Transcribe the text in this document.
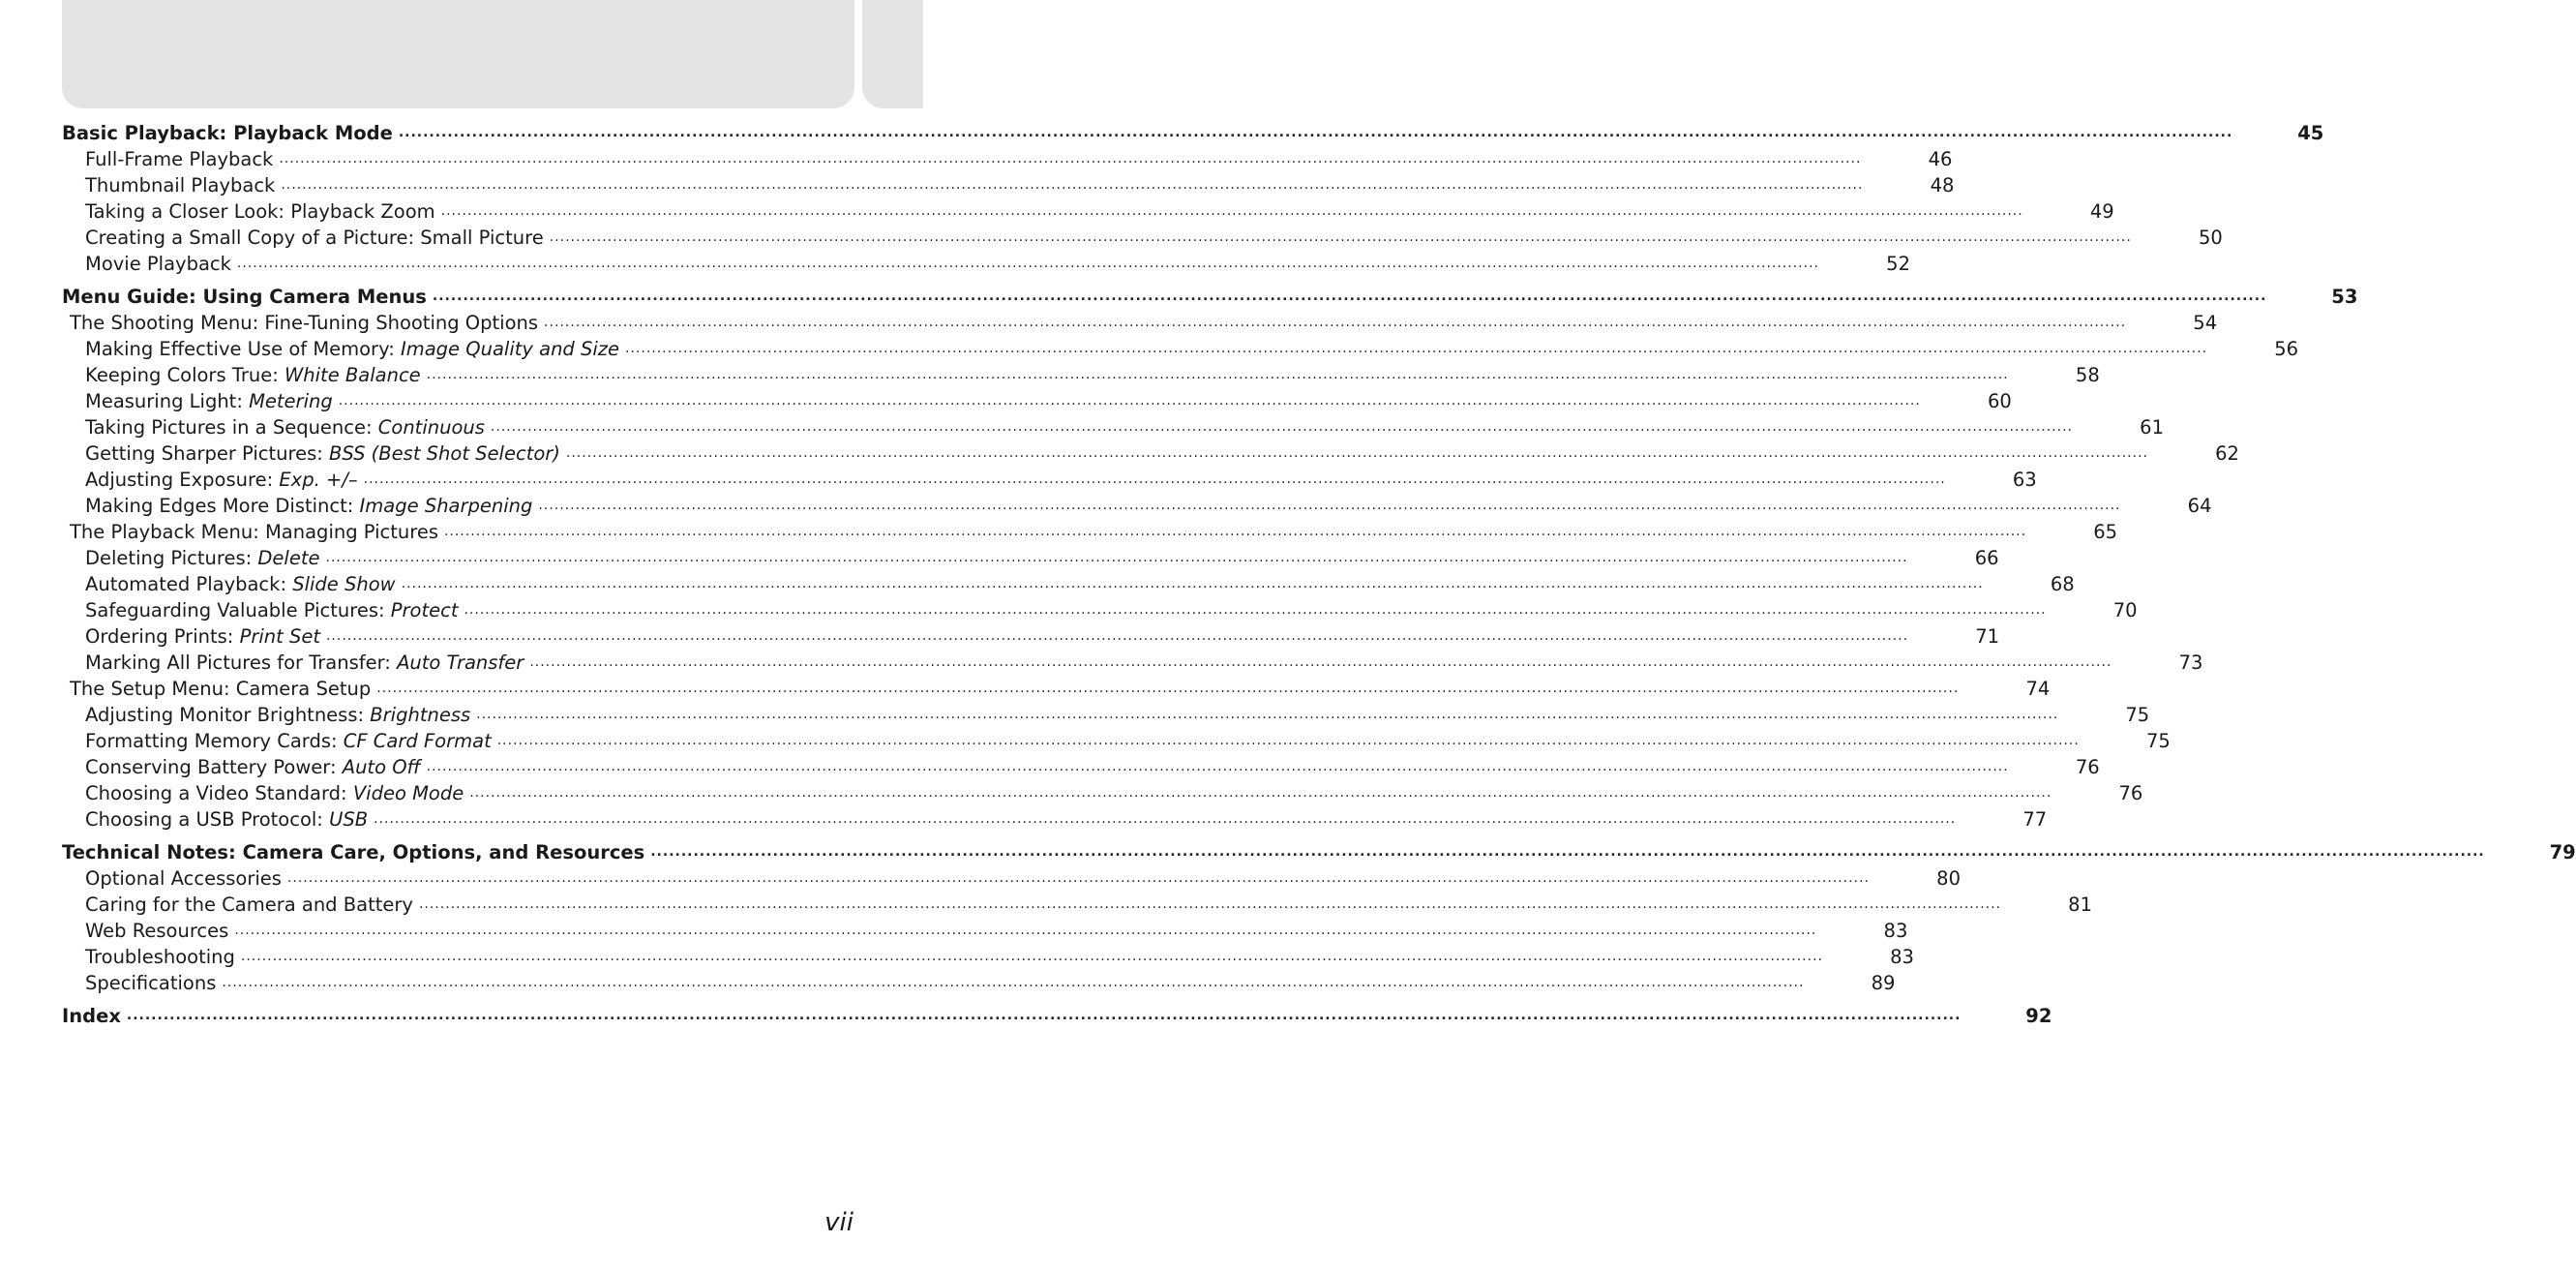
Basic Playback: Playback Mode ............................................................................................................................................................................................................................................................................................................	45
Full-Frame Playback ............................................................................................................................................................................................................................................................................................................	46
Thumbnail Playback ............................................................................................................................................................................................................................................................................................................	48
Taking a Closer Look: Playback Zoom ............................................................................................................................................................................................................................................................................................................	49
Creating a Small Copy of a Picture: Small Picture ............................................................................................................................................................................................................................................................................................................	50
Movie Playback ............................................................................................................................................................................................................................................................................................................	52
Menu Guide: Using Camera Menus ............................................................................................................................................................................................................................................................................................................	53
The Shooting Menu: Fine-Tuning Shooting Options ............................................................................................................................................................................................................................................................................................................	54
Making Effective Use of Memory: Image Quality and Size ............................................................................................................................................................................................................................................................................................................	56
Keeping Colors True: White Balance ............................................................................................................................................................................................................................................................................................................	58
Measuring Light: Metering ............................................................................................................................................................................................................................................................................................................	60
Taking Pictures in a Sequence: Continuous ............................................................................................................................................................................................................................................................................................................	61
Getting Sharper Pictures: BSS (Best Shot Selector) ............................................................................................................................................................................................................................................................................................................	62
Adjusting Exposure: Exp. +/– ............................................................................................................................................................................................................................................................................................................	63
Making Edges More Distinct: Image Sharpening ............................................................................................................................................................................................................................................................................................................	64
The Playback Menu: Managing Pictures ............................................................................................................................................................................................................................................................................................................	65
Deleting Pictures: Delete ............................................................................................................................................................................................................................................................................................................	66
Automated Playback: Slide Show ............................................................................................................................................................................................................................................................................................................	68
Safeguarding Valuable Pictures: Protect ............................................................................................................................................................................................................................................................................................................	70
Ordering Prints: Print Set ............................................................................................................................................................................................................................................................................................................	71
Marking All Pictures for Transfer: Auto Transfer ............................................................................................................................................................................................................................................................................................................	73
The Setup Menu: Camera Setup ............................................................................................................................................................................................................................................................................................................	74
Adjusting Monitor Brightness: Brightness ............................................................................................................................................................................................................................................................................................................	75
Formatting Memory Cards: CF Card Format ............................................................................................................................................................................................................................................................................................................	75
Conserving Battery Power: Auto Off ............................................................................................................................................................................................................................................................................................................	76
Choosing a Video Standard: Video Mode ............................................................................................................................................................................................................................................................................................................	76
Choosing a USB Protocol: USB ............................................................................................................................................................................................................................................................................................................	77
Technical Notes: Camera Care, Options, and Resources ............................................................................................................................................................................................................................................................................................................	79
Optional Accessories ............................................................................................................................................................................................................................................................................................................	80
Caring for the Camera and Battery ............................................................................................................................................................................................................................................................................................................	81
Web Resources ............................................................................................................................................................................................................................................................................................................	83
Troubleshooting ............................................................................................................................................................................................................................................................................................................	83
Specifications ............................................................................................................................................................................................................................................................................................................	89
Index ............................................................................................................................................................................................................................................................................................................	92
vii
